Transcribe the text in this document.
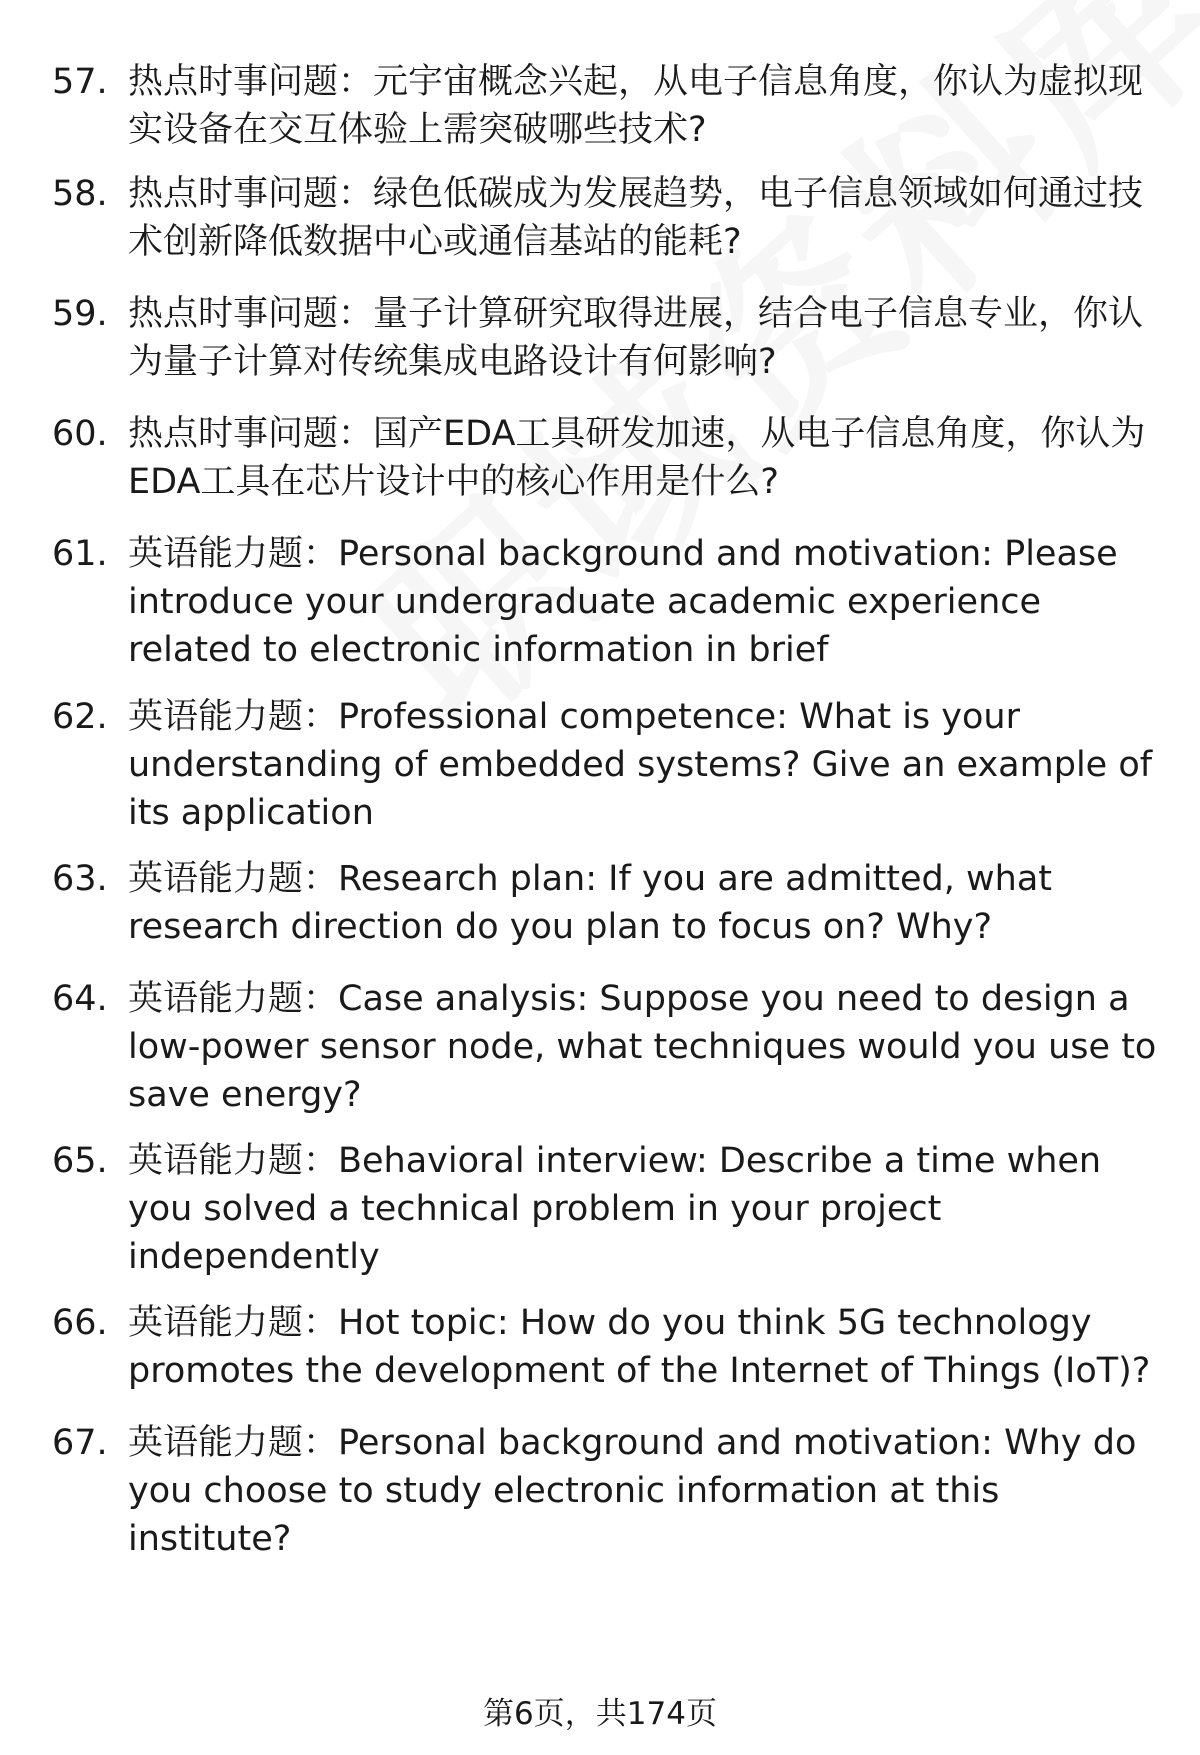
57. 热点时事问题：元宇宙概念兴起，从电子信息角度，你认为虚拟现实设备在交互体验上需突破哪些技术?
58. 热点时事问题：绿色低碳成为发展趋势，电子信息领域如何通过技术创新降低数据中心或通信基站的能耗?
59. 热点时事问题：量子计算研究取得进展，结合电子信息专业，你认为量子计算对传统集成电路设计有何影响?
60. 热点时事问题：国产EDA工具研发加速，从电子信息角度，你认为EDA工具在芯片设计中的核心作用是什么?
61. 英语能力题：Personal background and motivation: Please introduce your undergraduate academic experience related to electronic information in brief
62. 英语能力题：Professional competence: What is your understanding of embedded systems? Give an example of its application
63. 英语能力题：Research plan: If you are admitted, what research direction do you plan to focus on? Why?
64. 英语能力题：Case analysis: Suppose you need to design a low-power sensor node, what techniques would you use to save energy?
65. 英语能力题：Behavioral interview: Describe a time when you solved a technical problem in your project independently
66. 英语能力题：Hot topic: How do you think 5G technology promotes the development of the Internet of Things (IoT)?
67. 英语能力题：Personal background and motivation: Why do you choose to study electronic information at this institute?
第6页，共174页
